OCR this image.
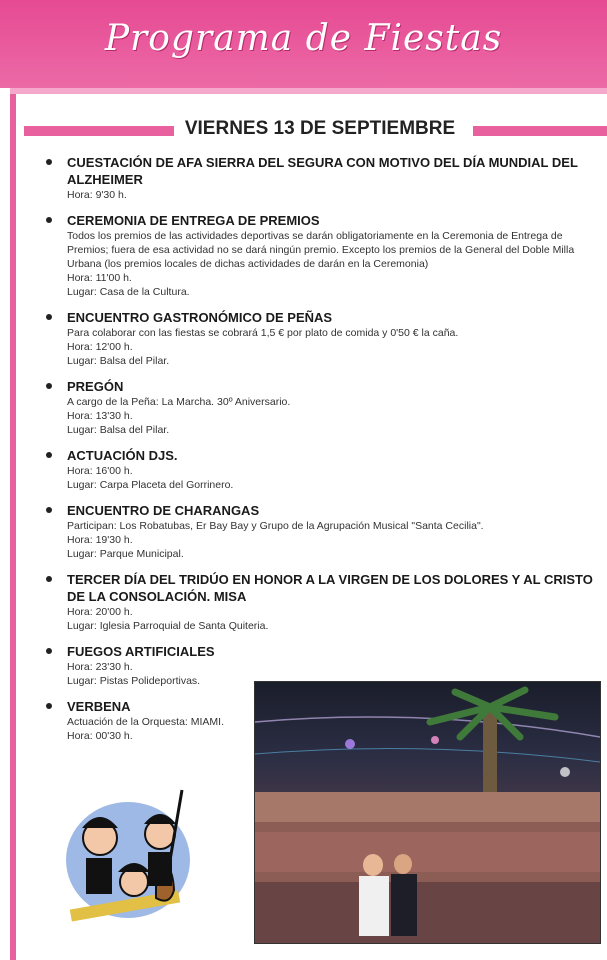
Programa de Fiestas
VIERNES 13 DE SEPTIEMBRE
CUESTACIÓN DE AFA SIERRA DEL SEGURA CON MOTIVO DEL DÍA MUNDIAL DEL ALZHEIMER
Hora: 9'30 h.
CEREMONIA DE ENTREGA DE PREMIOS
Todos los premios de las actividades deportivas se darán obligatoriamente en la Ceremonia de Entrega de Premios; fuera de esa actividad no se dará ningún premio. Excepto los premios de la General del Doble Milla Urbana (los premios locales de dichas actividades de darán en la Ceremonia)
Hora: 11'00 h.
Lugar: Casa de la Cultura.
ENCUENTRO GASTRONÓMICO DE PEÑAS
Para colaborar con las fiestas se cobrará 1,5 € por plato de comida y 0'50 € la caña.
Hora: 12'00 h.
Lugar: Balsa del Pilar.
PREGÓN
A cargo de la Peña: La Marcha. 30º Aniversario.
Hora: 13'30 h.
Lugar: Balsa del Pilar.
ACTUACIÓN DJS.
Hora: 16'00 h.
Lugar: Carpa Placeta del Gorrinero.
ENCUENTRO DE CHARANGAS
Participan: Los Robatubas, Er Bay Bay y Grupo de la Agrupación Musical "Santa Cecilia".
Hora: 19'30 h.
Lugar: Parque Municipal.
TERCER DÍA DEL TRIDÚO EN HONOR A LA VIRGEN DE LOS DOLORES Y AL CRISTO DE LA CONSOLACIÓN. MISA
Hora: 20'00 h.
Lugar: Iglesia Parroquial de Santa Quiteria.
FUEGOS ARTIFICIALES
Hora: 23'30 h.
Lugar: Pistas Polideportivas.
VERBENA
Actuación de la Orquesta: MIAMI.
Hora: 00'30 h.
